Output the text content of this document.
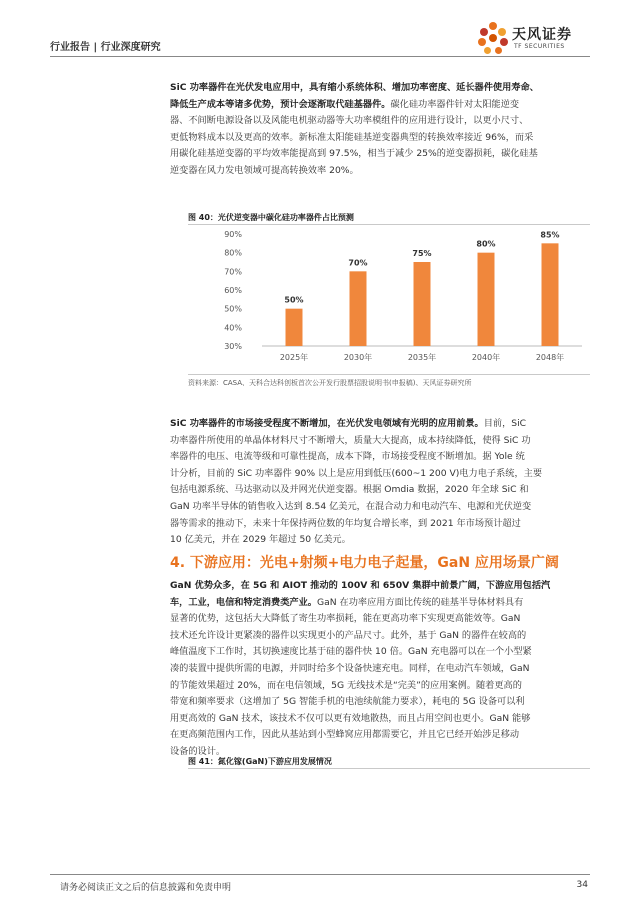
行业报告 | 行业深度研究
天风证券
TF SECURITIES
SiC 功率器件在光伏发电应用中，具有缩小系统体积、增加功率密度、延长器件使用寿命、
降低生产成本等诸多优势，预计会逐渐取代硅基器件。碳化硅功率器件针对太阳能逆变
器、不间断电源设备以及风能电机驱动器等大功率模组件的应用进行设计，以更小尺寸、
更低物料成本以及更高的效率。新标准太阳能硅基逆变器典型的转换效率接近 96%，而采
用碳化硅基逆变器的平均效率能提高到 97.5%，相当于减少 25%的逆变器损耗，碳化硅基
逆变器在风力发电领域可提高转换效率 20%。
图 40：光伏逆变器中碳化硅功率器件占比预测
30%
40%
50%
60%
70%
80%
90%
50%
2025年
70%
2030年
75%
2035年
80%
2040年
85%
2048年
资料来源：CASA、天科合达科创板首次公开发行股票招股说明书(申报稿)、天风证券研究所
SiC 功率器件的市场接受程度不断增加，在光伏发电领域有光明的应用前景。目前，SiC
功率器件所使用的单晶体材料尺寸不断增大，质量大大提高，成本持续降低，使得 SiC 功
率器件的电压、电流等级和可靠性提高，成本下降，市场接受程度不断增加。据 Yole 统
计分析，目前的 SiC 功率器件 90% 以上是应用到低压(600~1 200 V)电力电子系统，主要
包括电源系统、马达驱动以及并网光伏逆变器。根据 Omdia 数据，2020 年全球 SiC 和
GaN 功率半导体的销售收入达到 8.54 亿美元，在混合动力和电动汽车、电源和光伏逆变
器等需求的推动下，未来十年保持两位数的年均复合增长率，到 2021 年市场预计超过
10 亿美元，并在 2029 年超过 50 亿美元。
4. 下游应用：光电+射频+电力电子起量，GaN 应用场景广阔
GaN 优势众多，在 5G 和 AIOT 推动的 100V 和 650V 集群中前景广阔，下游应用包括汽
车，工业，电信和特定消费类产业。GaN 在功率应用方面比传统的硅基半导体材料具有
显著的优势，这包括大大降低了寄生功率损耗，能在更高功率下实现更高能效等。GaN
技术还允许设计更紧凑的器件以实现更小的产品尺寸。此外，基于 GaN 的器件在较高的
峰值温度下工作时，其切换速度比基于硅的器件快 10 倍。GaN 充电器可以在一个小型紧
凑的装置中提供所需的电源，并同时给多个设备快速充电。同样，在电动汽车领域，GaN
的节能效果超过 20%，而在电信领域，5G 无线技术是“完美”的应用案例。随着更高的
带宽和频率要求（这增加了 5G 智能手机的电池续航能力要求），耗电的 5G 设备可以利
用更高效的 GaN 技术，该技术不仅可以更有效地散热，而且占用空间也更小。GaN 能够
在更高频范围内工作，因此从基站到小型蜂窝应用都需要它，并且它已经开始涉足移动
设备的设计。
图 41：氮化镓(GaN)下游应用发展情况
请务必阅读正文之后的信息披露和免责申明	34
